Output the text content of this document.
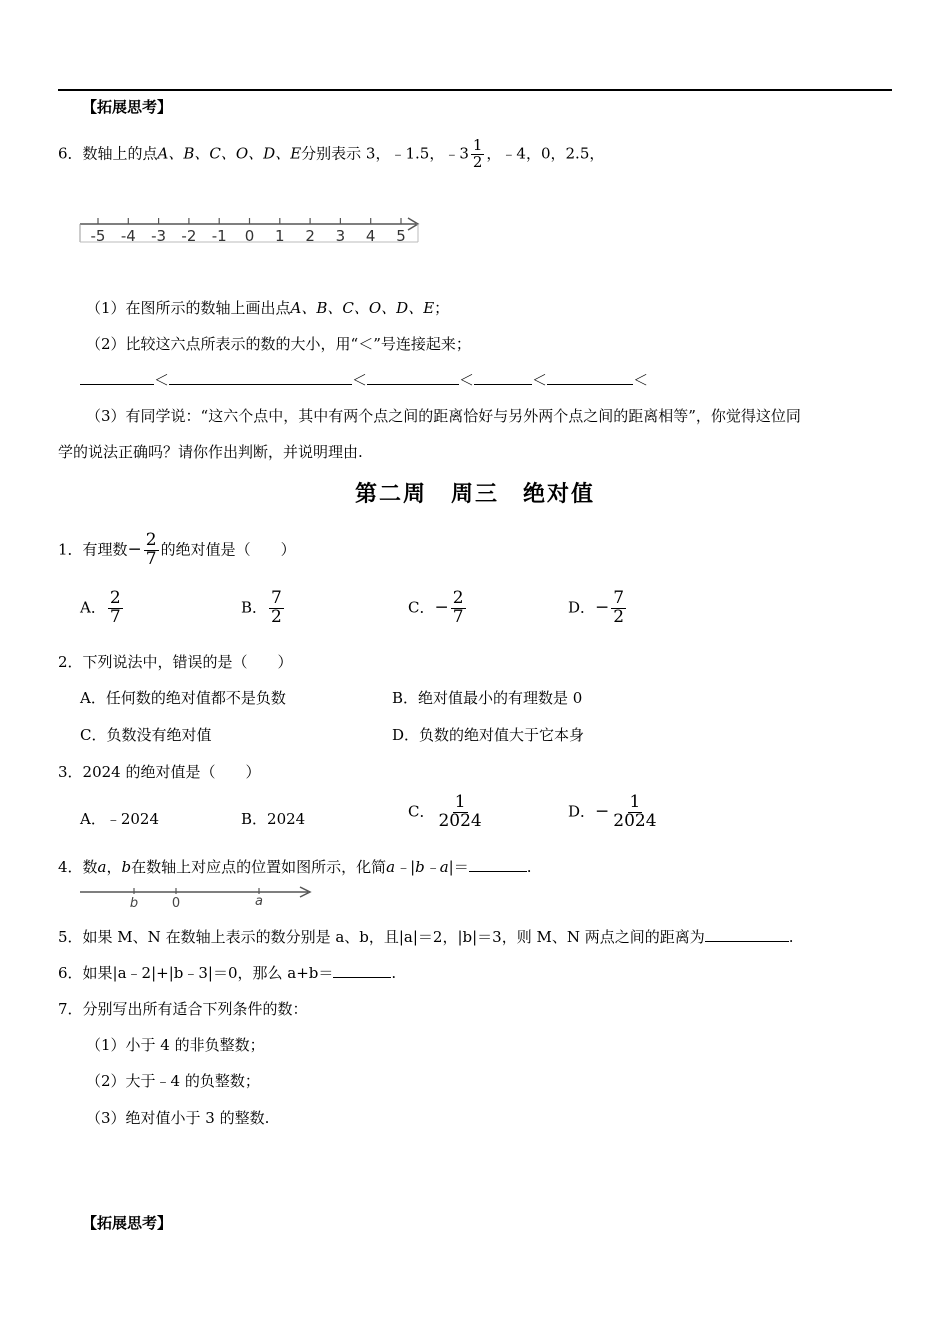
【拓展思考】
6．数轴上的点A、B、C、O、D、E分别表示 3，﹣1.5，﹣3 $\frac{1}{2}$ ，﹣4，0，2.5，
-5 -4 -3 -2 -1 0 1 2 3 4 5
（1）在图所示的数轴上画出点A、B、C、O、D、E；
（2）比较这六点所表示的数的大小，用“＜”号连接起来；
＜	＜	＜	＜	＜
（3）有同学说：“这六个点中，其中有两个点之间的距离恰好与另外两个点之间的距离相等”，你觉得这位同
学的说法正确吗？请你作出判断，并说明理由.
第二周　周三　绝对值
1．有理数− $\frac{2}{7}$ 的绝对值是（　　）
A． $\frac{2}{7}$	B． $\frac{7}{2}$	C．− $\frac{2}{7}$	D．− $\frac{7}{2}$
2．下列说法中，错误的是（　　）
A．任何数的绝对值都不是负数	B．绝对值最小的有理数是 0
C．负数没有绝对值	D．负数的绝对值大于它本身
3．2024 的绝对值是（　　）
A．﹣2024	B．2024	C． $\frac{1}{2024}$	D．− $\frac{1}{2024}$
4．数a，b在数轴上对应点的位置如图所示，化简a﹣|b﹣a|＝	.
b	0	a
5．如果 M、N 在数轴上表示的数分别是 a、b，且|a|＝2，|b|＝3，则 M、N 两点之间的距离为	.
6．如果|a﹣2|+|b﹣3|＝0，那么 a+b＝	.
7．分别写出所有适合下列条件的数：
（1）小于 4 的非负整数；
（2）大于﹣4 的负整数；
（3）绝对值小于 3 的整数.
【拓展思考】
